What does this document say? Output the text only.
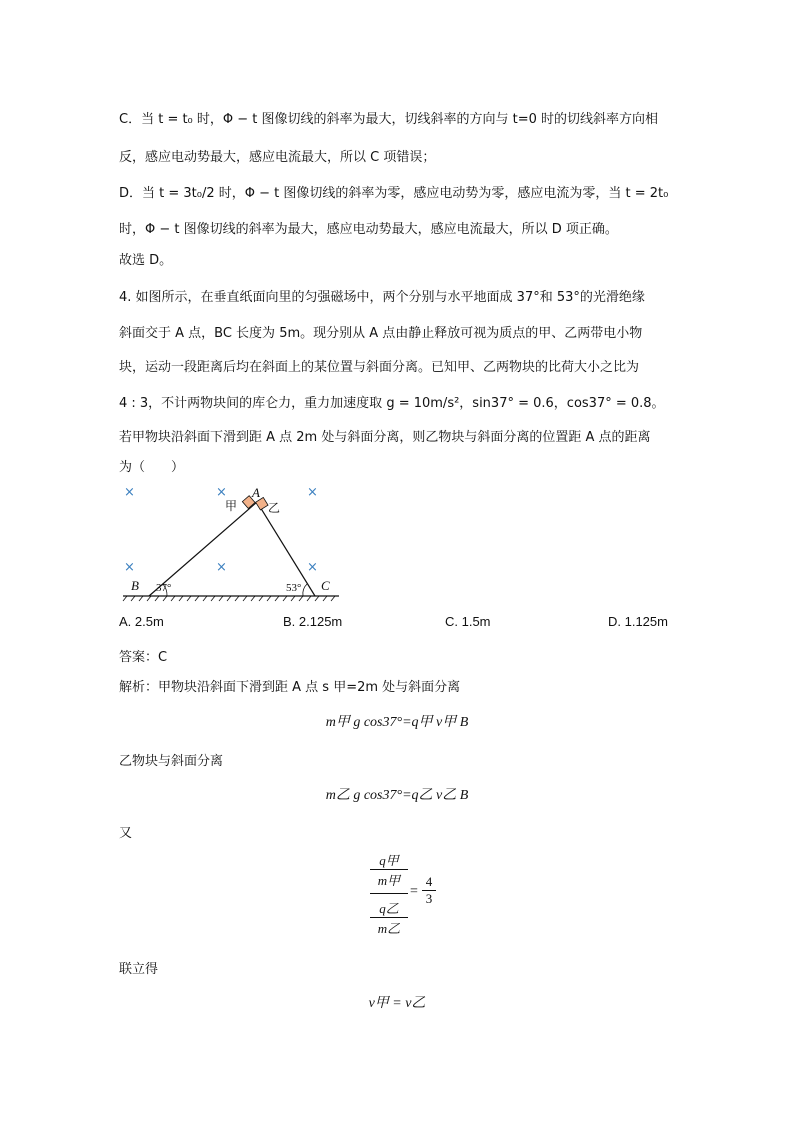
C．当 t = t₀ 时，Φ − t 图像切线的斜率为最大，切线斜率的方向与 t=0 时的切线斜率方向相
反，感应电动势最大，感应电流最大，所以 C 项错误；
D．当 t = 3t₀/2 时，Φ − t 图像切线的斜率为零，感应电动势为零，感应电流为零，当 t = 2t₀
时，Φ − t 图像切线的斜率为最大，感应电动势最大，感应电流最大，所以 D 项正确。
故选 D。
4. 如图所示，在垂直纸面向里的匀强磁场中，两个分别与水平地面成 37°和 53°的光滑绝缘
斜面交于 A 点，BC 长度为 5m。现分别从 A 点由静止释放可视为质点的甲、乙两带电小物
块，运动一段距离后均在斜面上的某位置与斜面分离。已知甲、乙两物块的比荷大小之比为
4 : 3，不计两物块间的库仑力，重力加速度取 g = 10m/s²，sin37° = 0.6，cos37° = 0.8。
若甲物块沿斜面下滑到距 A 点 2m 处与斜面分离，则乙物块与斜面分离的位置距 A 点的距离
为（　　）
×	×	×
×	×	×
A
B	C
甲	乙
37°	53°
A. 2.5m	B. 2.125m	C. 1.5m	D. 1.125m
答案：C
解析：甲物块沿斜面下滑到距 A 点 s 甲=2m 处与斜面分离
m甲 g cos37°=q甲 v甲 B
乙物块与斜面分离
m乙 g cos37°=q乙 v乙 B
又
q甲
m甲
q乙
m乙
= $\frac{4}{3}$
联立得
v甲 = v乙
